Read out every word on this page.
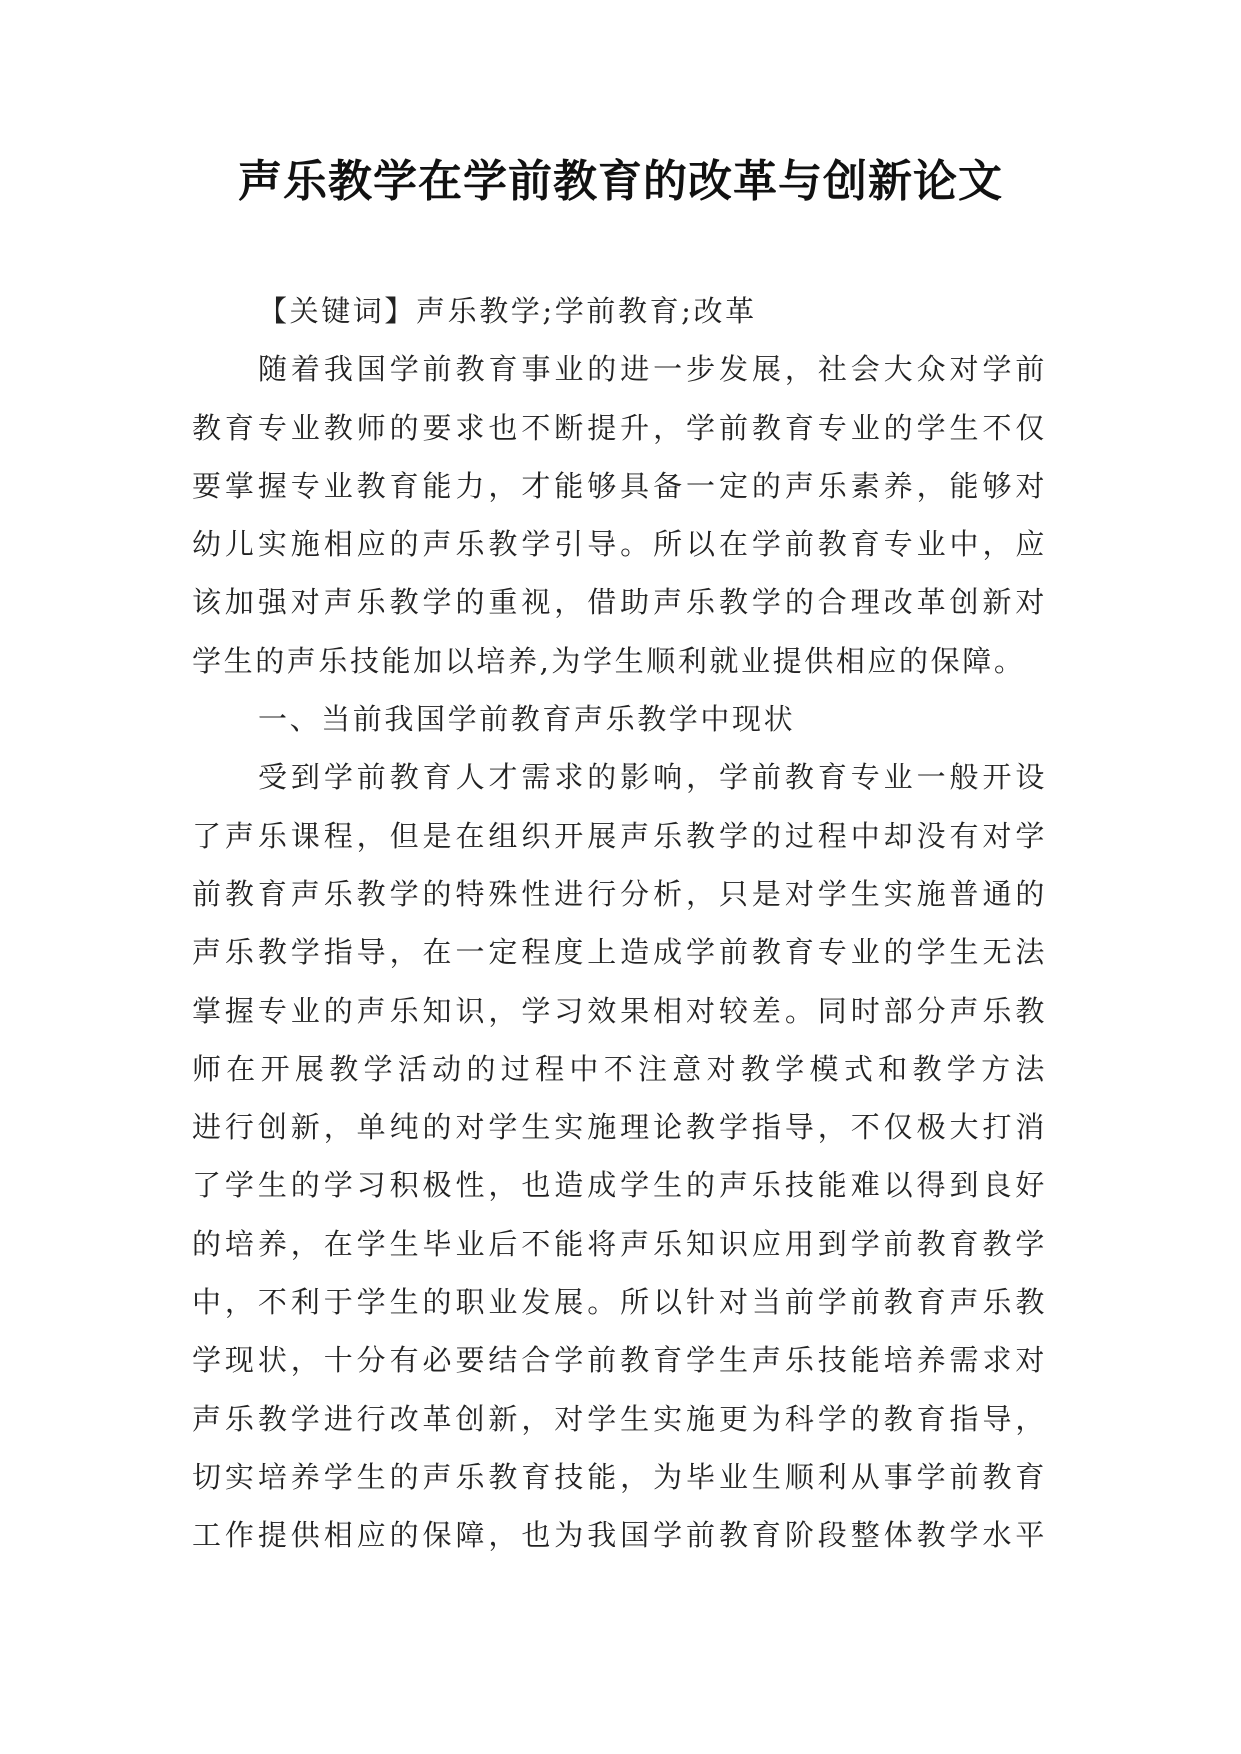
声乐教学在学前教育的改革与创新论文
【关键词】声乐教学;学前教育;改革
随着我国学前教育事业的进一步发展，社会大众对学前
教育专业教师的要求也不断提升，学前教育专业的学生不仅
要掌握专业教育能力，才能够具备一定的声乐素养，能够对
幼儿实施相应的声乐教学引导。所以在学前教育专业中，应
该加强对声乐教学的重视，借助声乐教学的合理改革创新对
学生的声乐技能加以培养,为学生顺利就业提供相应的保障。
一、当前我国学前教育声乐教学中现状
受到学前教育人才需求的影响，学前教育专业一般开设
了声乐课程，但是在组织开展声乐教学的过程中却没有对学
前教育声乐教学的特殊性进行分析，只是对学生实施普通的
声乐教学指导，在一定程度上造成学前教育专业的学生无法
掌握专业的声乐知识，学习效果相对较差。同时部分声乐教
师在开展教学活动的过程中不注意对教学模式和教学方法
进行创新，单纯的对学生实施理论教学指导，不仅极大打消
了学生的学习积极性，也造成学生的声乐技能难以得到良好
的培养，在学生毕业后不能将声乐知识应用到学前教育教学
中，不利于学生的职业发展。所以针对当前学前教育声乐教
学现状，十分有必要结合学前教育学生声乐技能培养需求对
声乐教学进行改革创新，对学生实施更为科学的教育指导，
切实培养学生的声乐教育技能，为毕业生顺利从事学前教育
工作提供相应的保障，也为我国学前教育阶段整体教学水平
